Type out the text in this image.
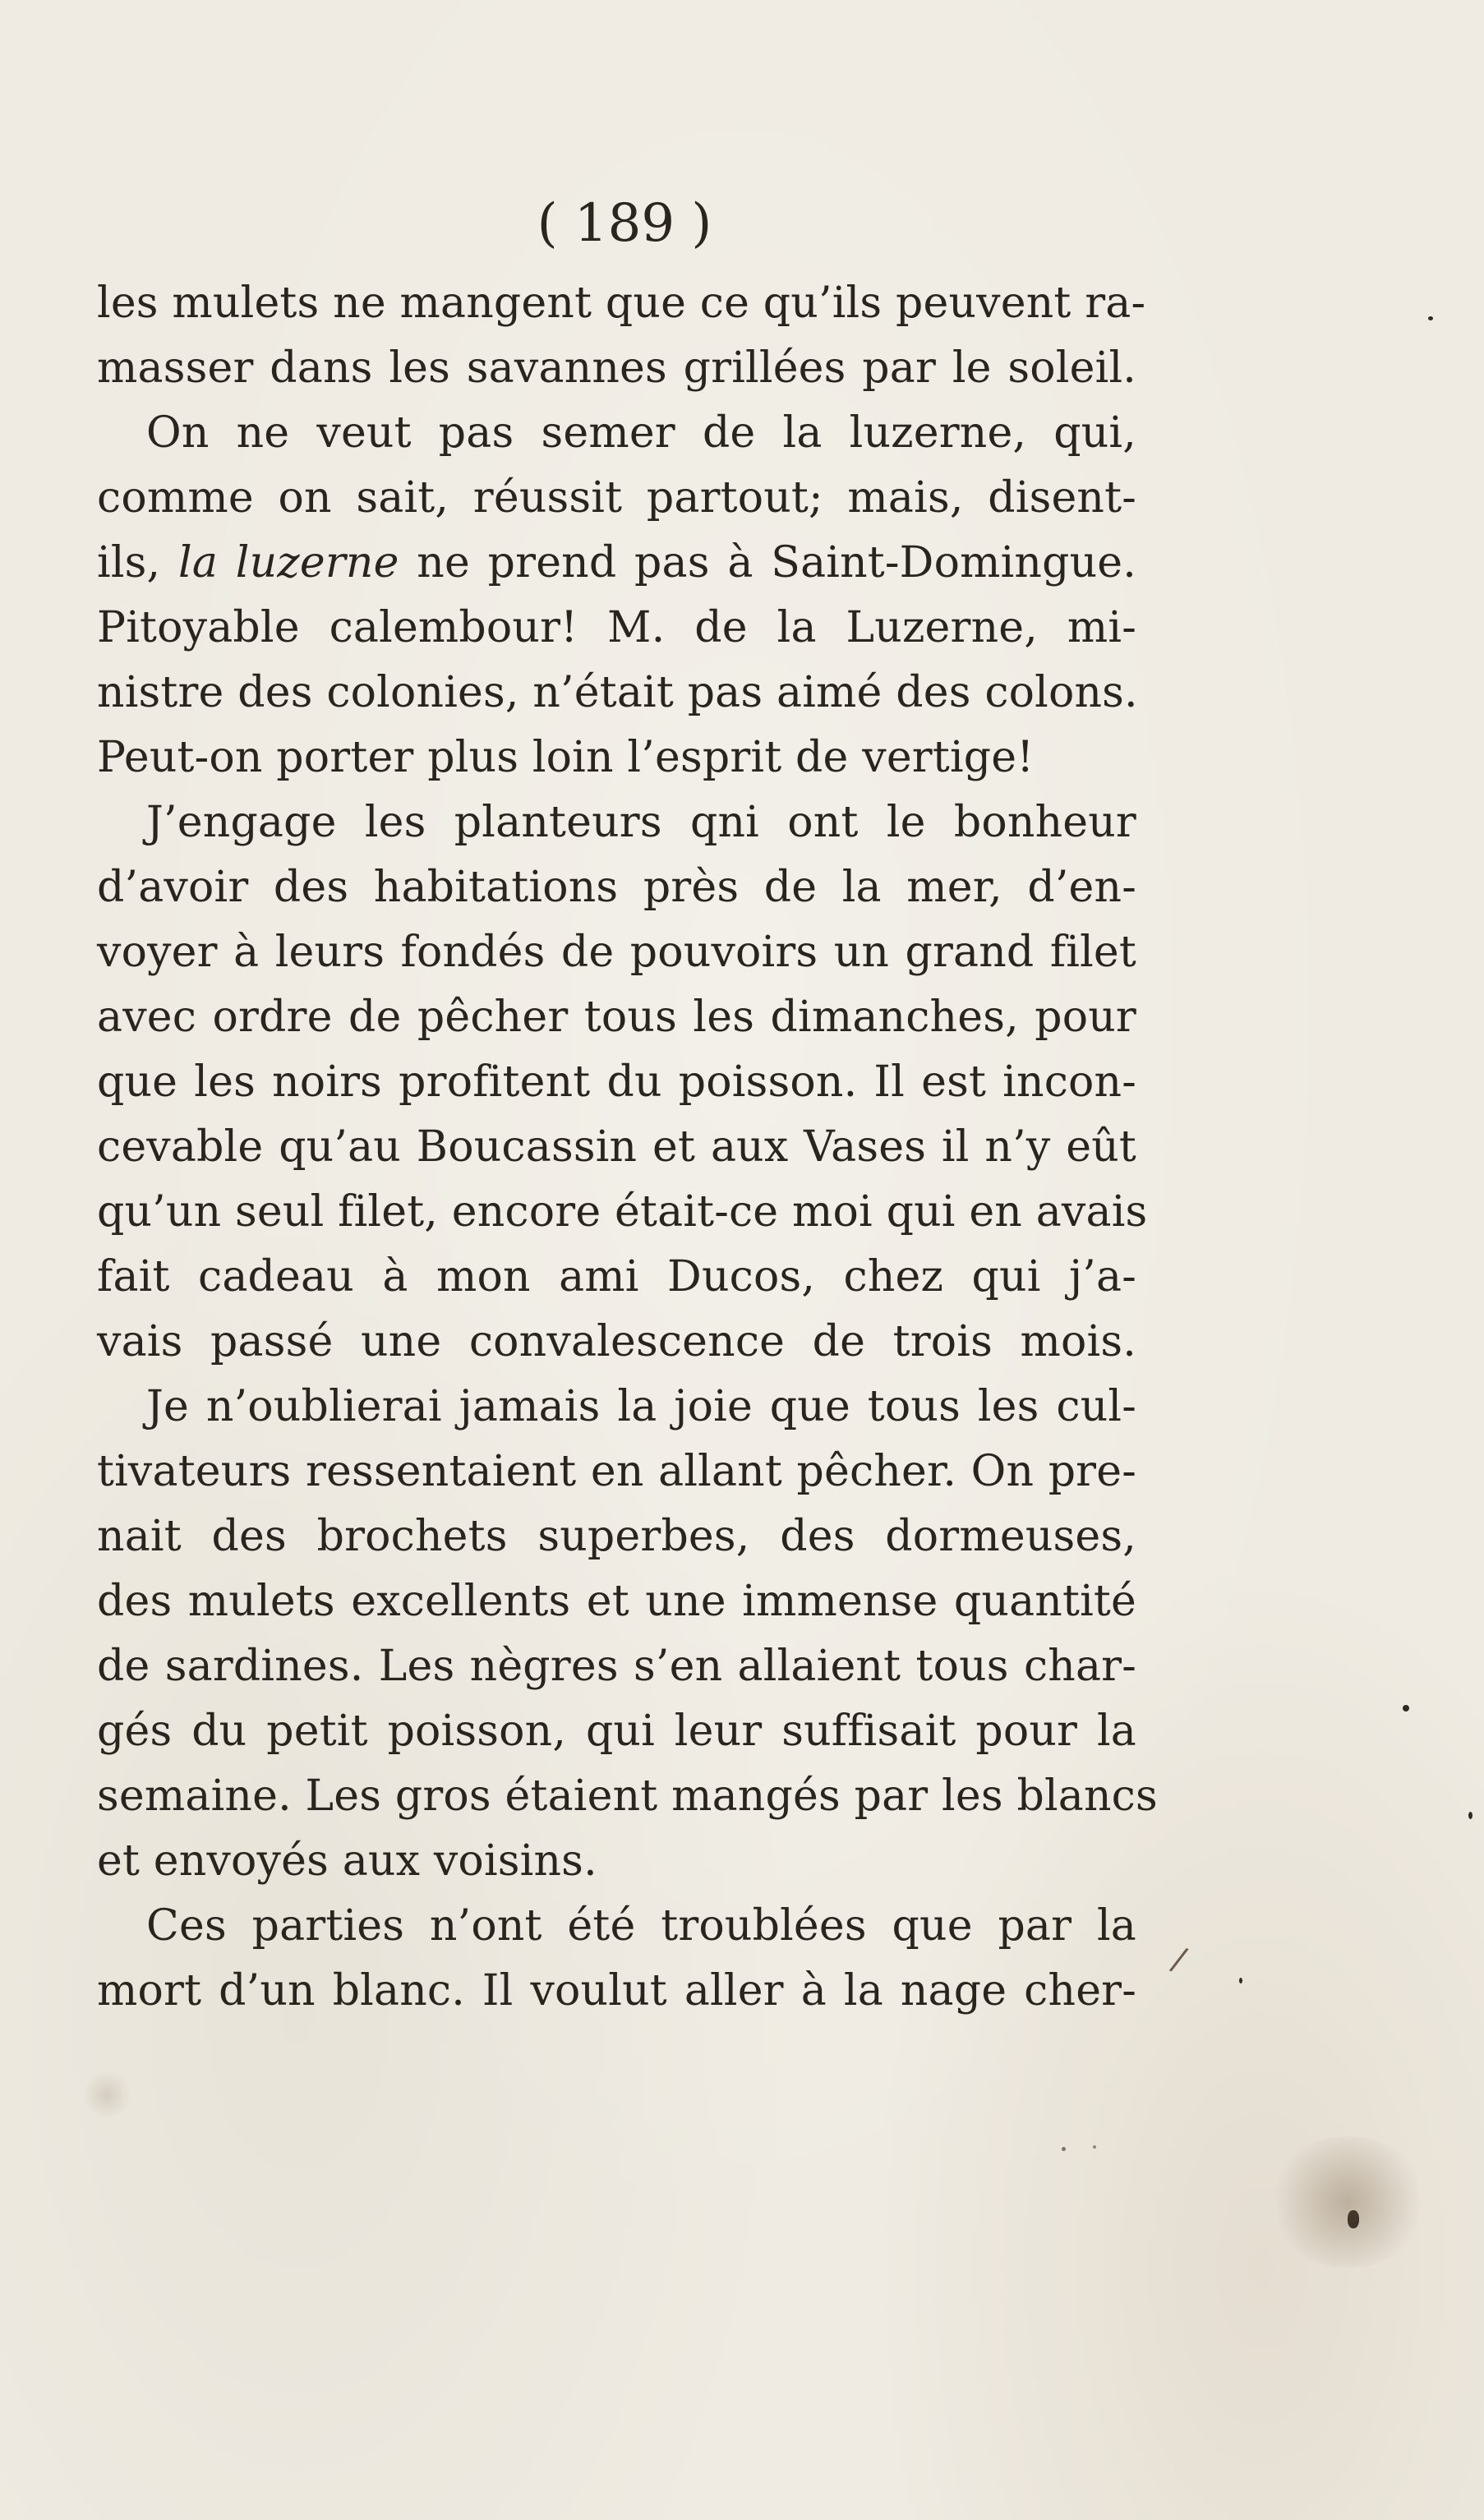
( 189 )
les mulets ne mangent que ce qu’ils peuvent ra-
masser dans les savannes grillées par le soleil.
On ne veut pas semer de la luzerne, qui,
comme on sait, réussit partout; mais, disent-
ils, la luzerne ne prend pas à Saint-Domingue.
Pitoyable calembour! M. de la Luzerne, mi-
nistre des colonies, n’était pas aimé des colons.
Peut-on porter plus loin l’esprit de vertige!
J’engage les planteurs qni ont le bonheur
d’avoir des habitations près de la mer, d’en-
voyer à leurs fondés de pouvoirs un grand filet
avec ordre de pêcher tous les dimanches, pour
que les noirs profitent du poisson. Il est incon-
cevable qu’au Boucassin et aux Vases il n’y eût
qu’un seul filet, encore était-ce moi qui en avais
fait cadeau à mon ami Ducos, chez qui j’a-
vais passé une convalescence de trois mois.
Je n’oublierai jamais la joie que tous les cul-
tivateurs ressentaient en allant pêcher. On pre-
nait des brochets superbes, des dormeuses,
des mulets excellents et une immense quantité
de sardines. Les nègres s’en allaient tous char-
gés du petit poisson, qui leur suffisait pour la
semaine. Les gros étaient mangés par les blancs
et envoyés aux voisins.
Ces parties n’ont été troublées que par la
mort d’un blanc. Il voulut aller à la nage cher-
/
